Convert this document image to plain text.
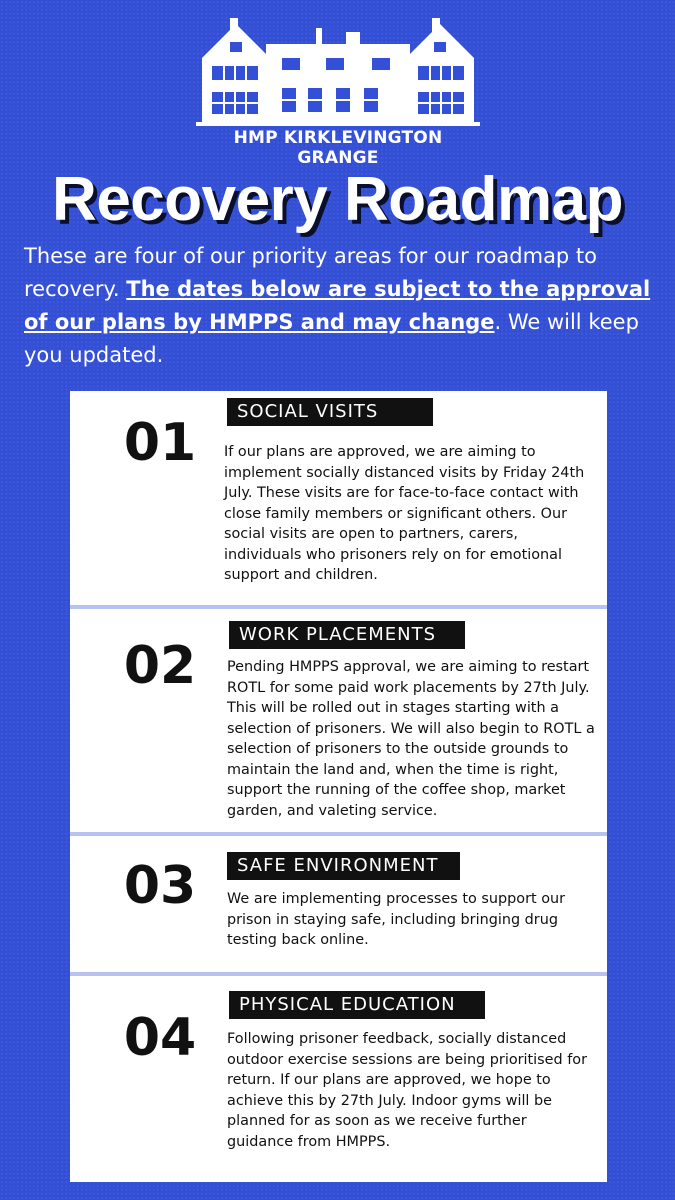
HMP KIRKLEVINGTON GRANGE
Recovery Roadmap
These are four of our priority areas for our roadmap to recovery. The dates below are subject to the approval of our plans by HMPPS and may change. We will keep you updated.
01
SOCIAL VISITS
If our plans are approved, we are aiming to implement socially distanced visits by Friday 24th July. These visits are for face-to-face contact with close family members or significant others. Our social visits are open to partners, carers, individuals who prisoners rely on for emotional support and children.
02
WORK PLACEMENTS
Pending HMPPS approval, we are aiming to restart ROTL for some paid work placements by 27th July. This will be rolled out in stages starting with a selection of prisoners. We will also begin to ROTL a selection of prisoners to the outside grounds to maintain the land and, when the time is right, support the running of the coffee shop, market garden, and valeting service.
03	SAFE ENVIRONMENT
We are implementing processes to support our prison in staying safe, including bringing drug testing back online.
04
PHYSICAL EDUCATION
Following prisoner feedback, socially distanced outdoor exercise sessions are being prioritised for return. If our plans are approved, we hope to achieve this by 27th July. Indoor gyms will be planned for as soon as we receive further guidance from HMPPS.
